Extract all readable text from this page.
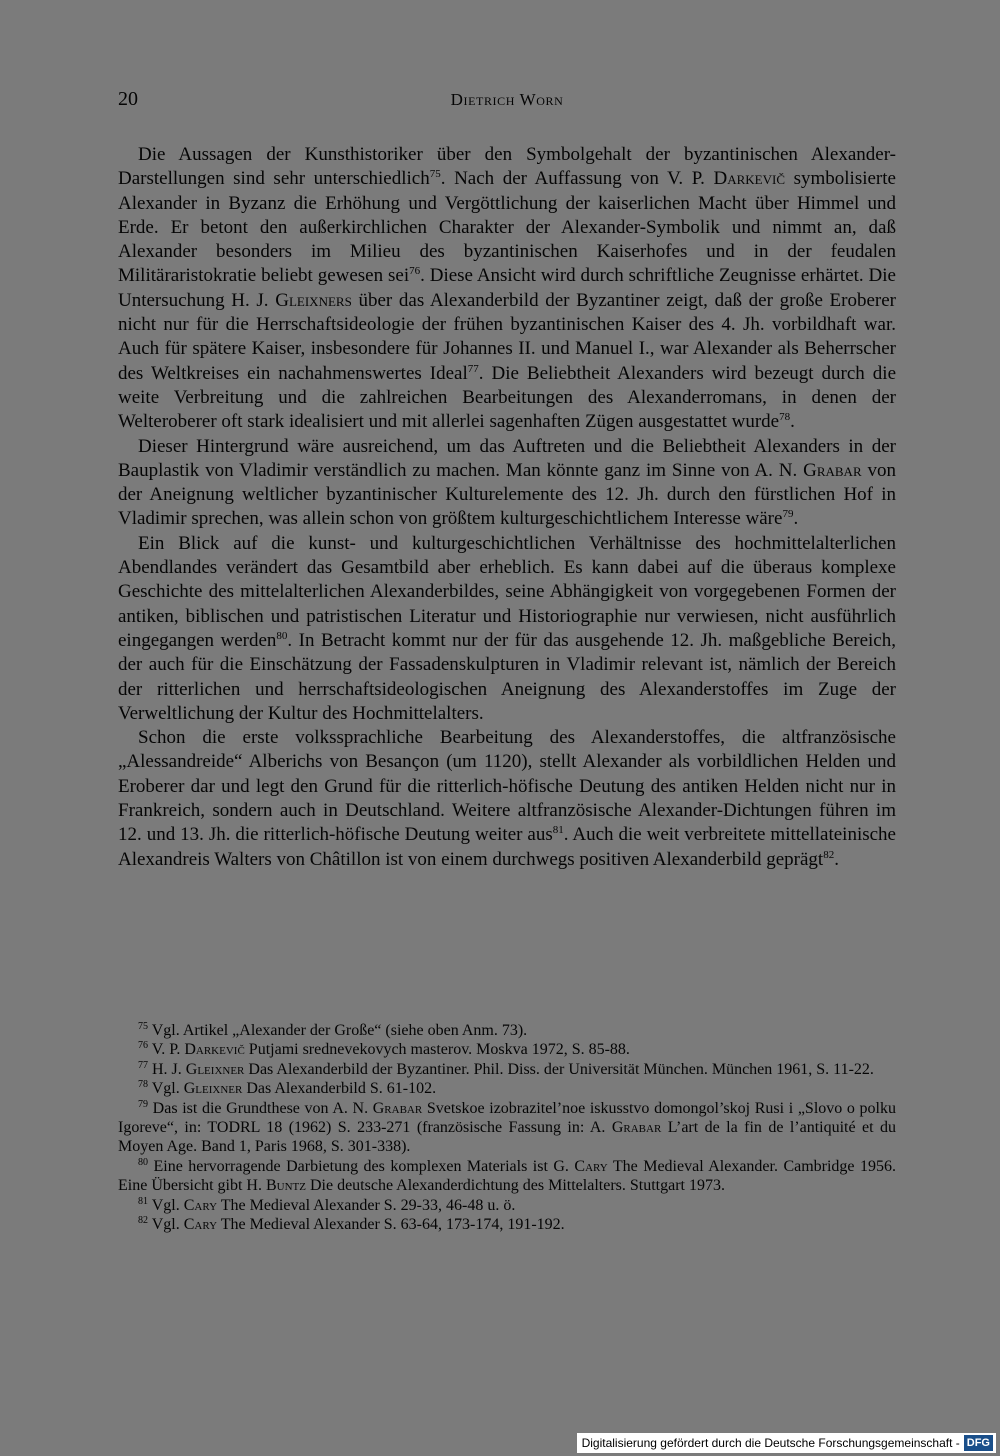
20	Dietrich Worn

Die Aussagen der Kunsthistoriker über den Symbolgehalt der byzantinischen Alexander-Darstellungen sind sehr unterschiedlich$^{75}$. Nach der Auffassung von V. P. Darkevič symbolisierte Alexander in Byzanz die Erhöhung und Vergöttlichung der kaiserlichen Macht über Himmel und Erde. Er betont den außerkirchlichen Charakter der Alexander-Symbolik und nimmt an, daß Alexander besonders im Milieu des byzantinischen Kaiserhofes und in der feudalen Militäraristokratie beliebt gewesen sei$^{76}$. Diese Ansicht wird durch schriftliche Zeugnisse erhärtet. Die Untersuchung H. J. Gleixners über das Alexanderbild der Byzantiner zeigt, daß der große Eroberer nicht nur für die Herrschaftsideologie der frühen byzantinischen Kaiser des 4. Jh. vorbildhaft war. Auch für spätere Kaiser, insbesondere für Johannes II. und Manuel I., war Alexander als Beherrscher des Weltkreises ein nachahmenswertes Ideal$^{77}$. Die Beliebtheit Alexanders wird bezeugt durch die weite Verbreitung und die zahlreichen Bearbeitungen des Alexanderromans, in denen der Welteroberer oft stark idealisiert und mit allerlei sagenhaften Zügen ausgestattet wurde$^{78}$.

Dieser Hintergrund wäre ausreichend, um das Auftreten und die Beliebtheit Alexanders in der Bauplastik von Vladimir verständlich zu machen. Man könnte ganz im Sinne von A. N. Grabar von der Aneignung weltlicher byzantinischer Kulturelemente des 12. Jh. durch den fürstlichen Hof in Vladimir sprechen, was allein schon von größtem kulturgeschichtlichem Interesse wäre$^{79}$.

Ein Blick auf die kunst- und kulturgeschichtlichen Verhältnisse des hochmittelalterlichen Abendlandes verändert das Gesamtbild aber erheblich. Es kann dabei auf die überaus komplexe Geschichte des mittelalterlichen Alexanderbildes, seine Abhängigkeit von vorgegebenen Formen der antiken, biblischen und patristischen Literatur und Historiographie nur verwiesen, nicht ausführlich eingegangen werden$^{80}$. In Betracht kommt nur der für das ausgehende 12. Jh. maßgebliche Bereich, der auch für die Einschätzung der Fassadenskulpturen in Vladimir relevant ist, nämlich der Bereich der ritterlichen und herrschaftsideologischen Aneignung des Alexanderstoffes im Zuge der Verweltlichung der Kultur des Hochmittelalters.

Schon die erste volkssprachliche Bearbeitung des Alexanderstoffes, die altfranzösische „Alessandreide“ Alberichs von Besançon (um 1120), stellt Alexander als vorbildlichen Helden und Eroberer dar und legt den Grund für die ritterlich-höfische Deutung des antiken Helden nicht nur in Frankreich, sondern auch in Deutschland. Weitere altfranzösische Alexander-Dichtungen führen im 12. und 13. Jh. die ritterlich-höfische Deutung weiter aus$^{81}$. Auch die weit verbreitete mittellateinische Alexandreis Walters von Châtillon ist von einem durchwegs positiven Alexanderbild geprägt$^{82}$.

$^{75}$ Vgl. Artikel „Alexander der Große“ (siehe oben Anm. 73).

$^{76}$ V. P. Darkevič Putjami srednevekovych masterov. Moskva 1972, S. 85-88.

$^{77}$ H. J. Gleixner Das Alexanderbild der Byzantiner. Phil. Diss. der Universität München. München 1961, S. 11-22.

$^{78}$ Vgl. Gleixner Das Alexanderbild S. 61-102.

$^{79}$ Das ist die Grundthese von A. N. Grabar Svetskoe izobrazitel’noe iskusstvo domongol’skoj Rusi i „Slovo o polku Igoreve“, in: TODRL 18 (1962) S. 233-271 (französische Fassung in: A. Grabar L’art de la fin de l’antiquité et du Moyen Age. Band 1, Paris 1968, S. 301-338).

$^{80}$ Eine hervorragende Darbietung des komplexen Materials ist G. Cary The Medieval Alexander. Cambridge 1956. Eine Übersicht gibt H. Buntz Die deutsche Alexanderdichtung des Mittelalters. Stuttgart 1973.

$^{81}$ Vgl. Cary The Medieval Alexander S. 29-33, 46-48 u. ö.

$^{82}$ Vgl. Cary The Medieval Alexander S. 63-64, 173-174, 191-192.

Digitalisierung gefördert durch die Deutsche Forschungsgemeinschaft - DFG
